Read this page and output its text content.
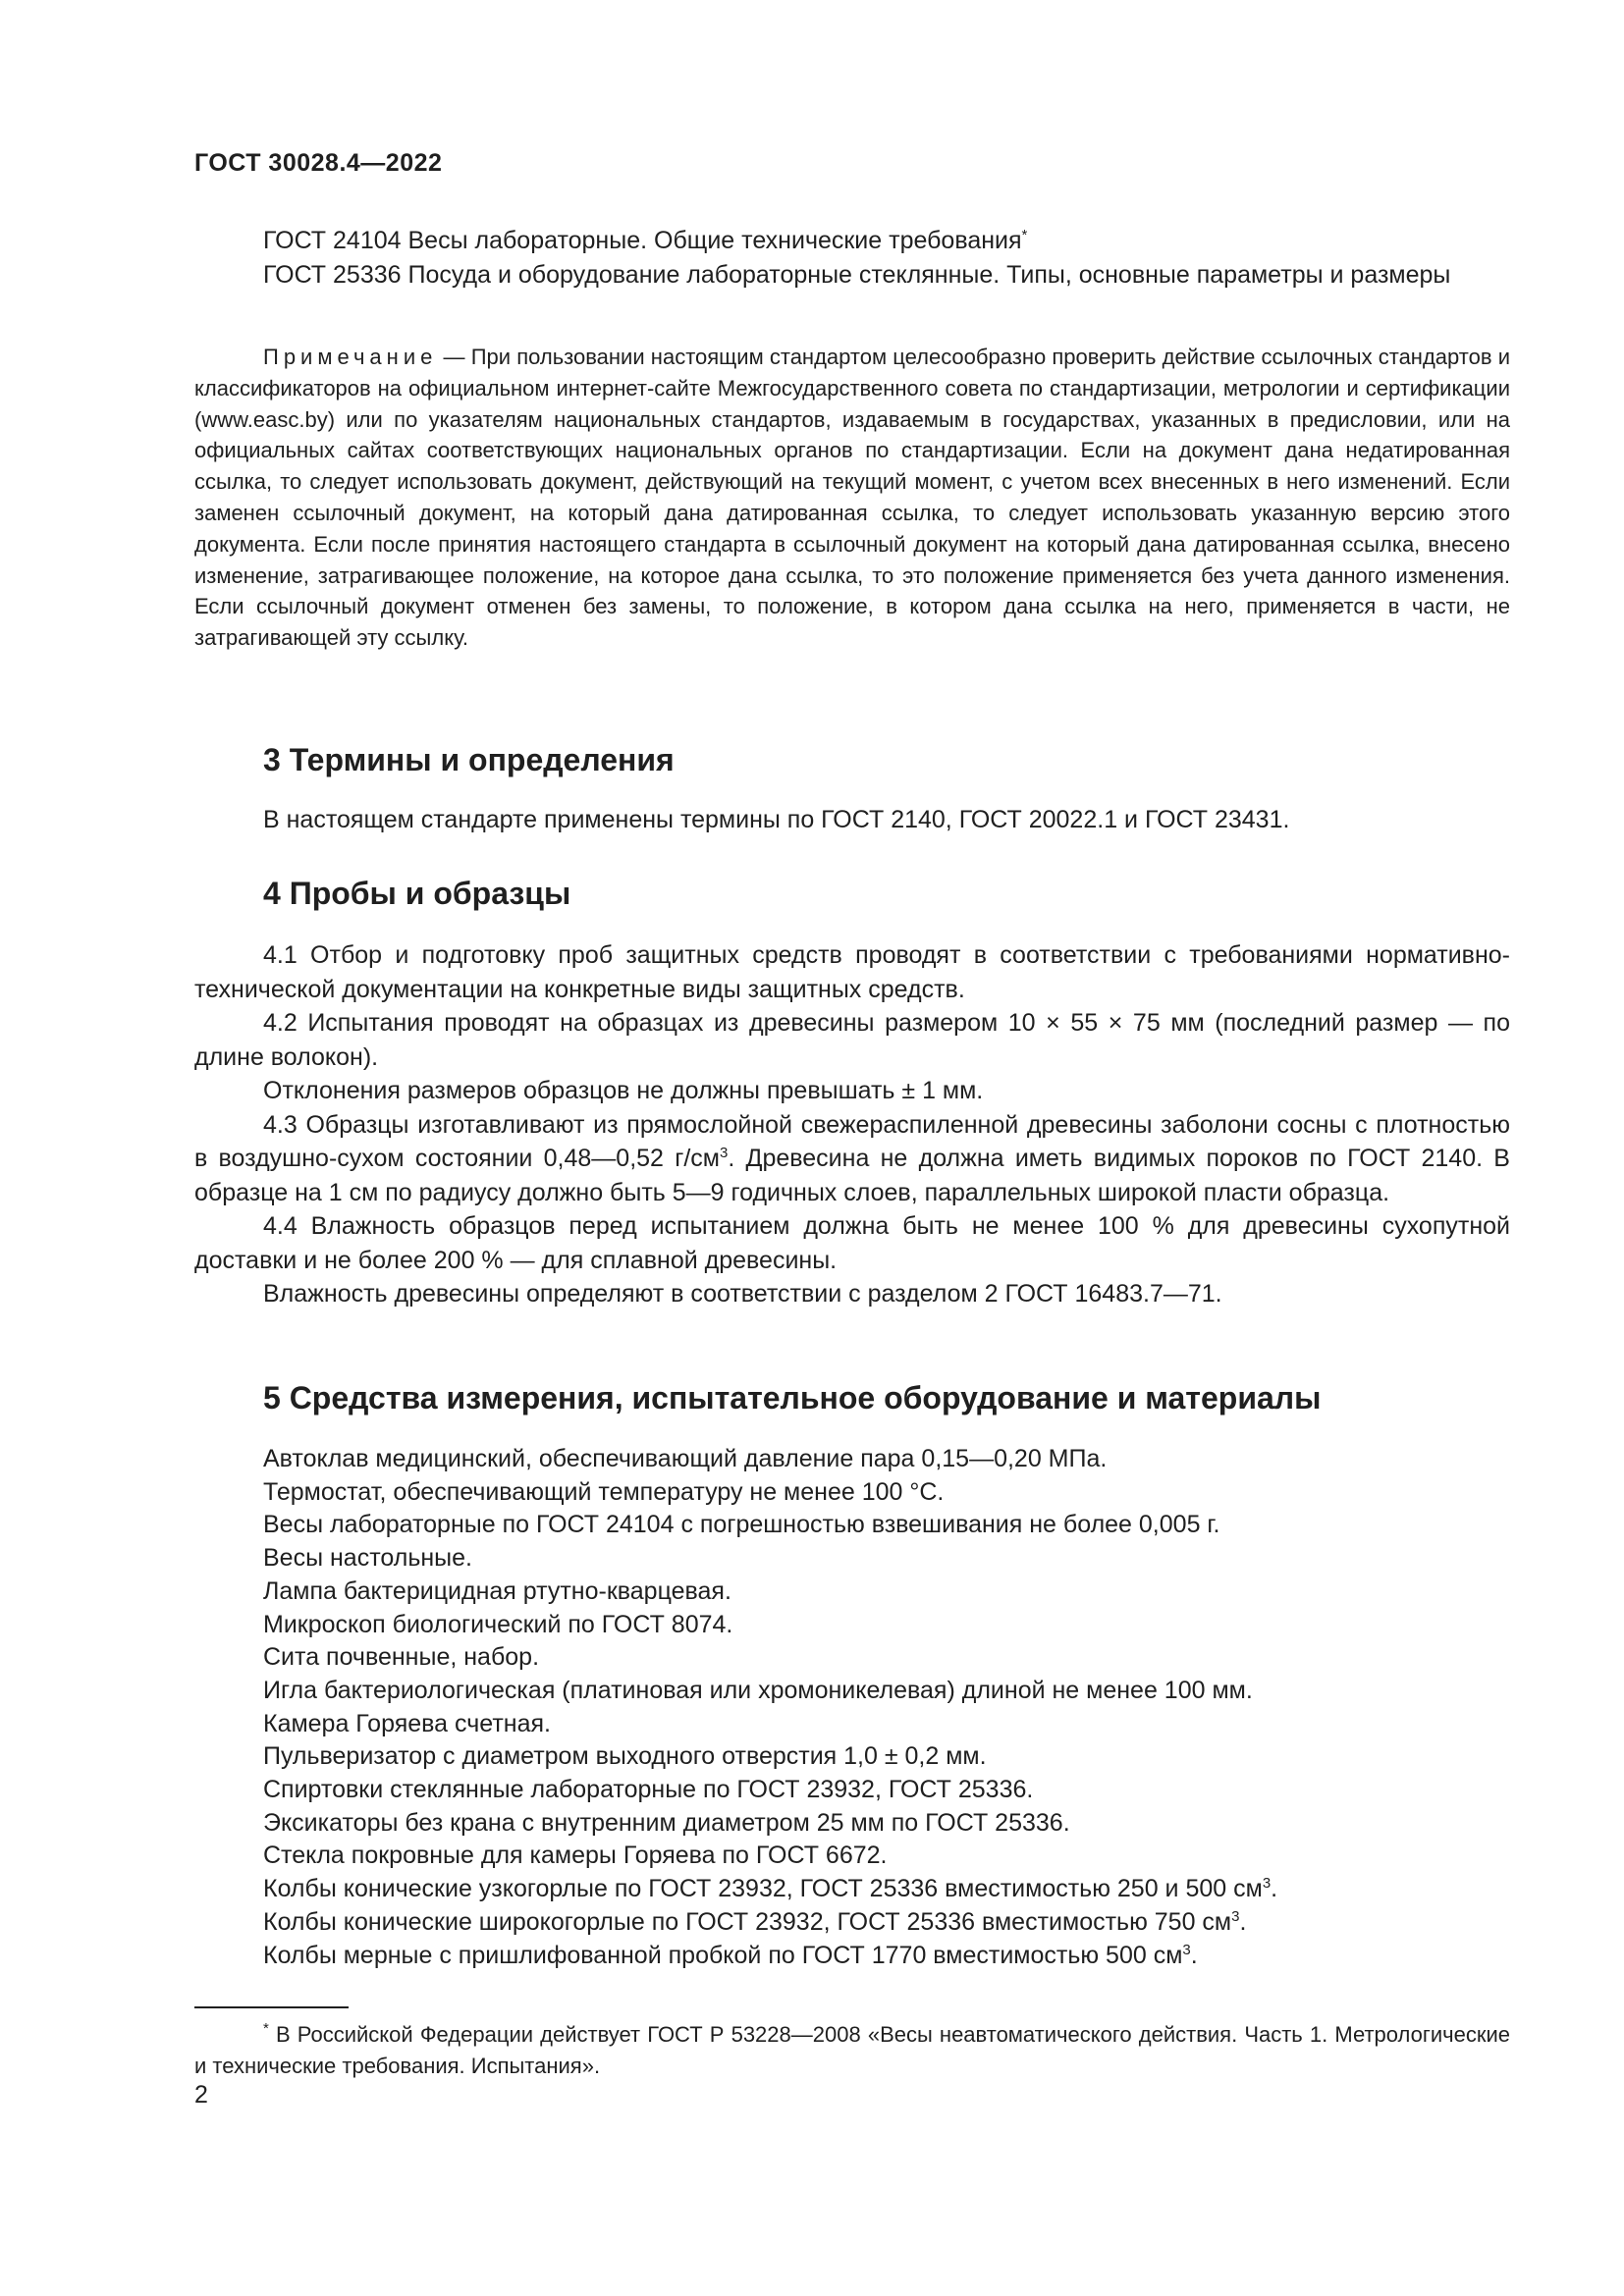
ГОСТ 30028.4—2022

ГОСТ 24104 Весы лабораторные. Общие технические требования*

ГОСТ 25336 Посуда и оборудование лабораторные стеклянные. Типы, основные параметры и размеры

Примечание — При пользовании настоящим стандартом целесообразно проверить действие ссылочных стандартов и классификаторов на официальном интернет-сайте Межгосударственного совета по стандартизации, метрологии и сертификации (www.easc.by) или по указателям национальных стандартов, издаваемым в государствах, указанных в предисловии, или на официальных сайтах соответствующих национальных органов по стандартизации. Если на документ дана недатированная ссылка, то следует использовать документ, действующий на текущий момент, с учетом всех внесенных в него изменений. Если заменен ссылочный документ, на который дана датированная ссылка, то следует использовать указанную версию этого документа. Если после принятия настоящего стандарта в ссылочный документ на который дана датированная ссылка, внесено изменение, затрагивающее положение, на которое дана ссылка, то это положение применяется без учета данного изменения. Если ссылочный документ отменен без замены, то положение, в котором дана ссылка на него, применяется в части, не затрагивающей эту ссылку.

3 Термины и определения

В настоящем стандарте применены термины по ГОСТ 2140, ГОСТ 20022.1 и ГОСТ 23431.

4 Пробы и образцы

4.1 Отбор и подготовку проб защитных средств проводят в соответствии с требованиями нормативно-технической документации на конкретные виды защитных средств.

4.2 Испытания проводят на образцах из древесины размером 10 × 55 × 75 мм (последний размер — по длине волокон).

Отклонения размеров образцов не должны превышать ± 1 мм.

4.3 Образцы изготавливают из прямослойной свежераспиленной древесины заболони сосны с плотностью в воздушно-сухом состоянии 0,48—0,52 $г/см^3$. Древесина не должна иметь видимых пороков по ГОСТ 2140. В образце на 1 см по радиусу должно быть 5—9 годичных слоев, параллельных широкой пласти образца.

4.4 Влажность образцов перед испытанием должна быть не менее 100 % для древесины сухопутной доставки и не более 200 % — для сплавной древесины.

Влажность древесины определяют в соответствии с разделом 2 ГОСТ 16483.7—71.

5 Средства измерения, испытательное оборудование и материалы

Автоклав медицинский, обеспечивающий давление пара 0,15—0,20 МПа.

Термостат, обеспечивающий температуру не менее 100 °С.

Весы лабораторные по ГОСТ 24104 с погрешностью взвешивания не более 0,005 г.

Весы настольные.

Лампа бактерицидная ртутно-кварцевая.

Микроскоп биологический по ГОСТ 8074.

Сита почвенные, набор.

Игла бактериологическая (платиновая или хромоникелевая) длиной не менее 100 мм.

Камера Горяева счетная.

Пульверизатор с диаметром выходного отверстия 1,0 ± 0,2 мм.

Спиртовки стеклянные лабораторные по ГОСТ 23932, ГОСТ 25336.

Эксикаторы без крана с внутренним диаметром 25 мм по ГОСТ 25336.

Стекла покровные для камеры Горяева по ГОСТ 6672.

Колбы конические узкогорлые по ГОСТ 23932, ГОСТ 25336 вместимостью 250 и 500 $см^3$.

Колбы конические широкогорлые по ГОСТ 23932, ГОСТ 25336 вместимостью 750 $см^3$.

Колбы мерные с пришлифованной пробкой по ГОСТ 1770 вместимостью 500 $см^3$.

* В Российской Федерации действует ГОСТ Р 53228—2008 «Весы неавтоматического действия. Часть 1. Метрологические и технические требования. Испытания».
2
